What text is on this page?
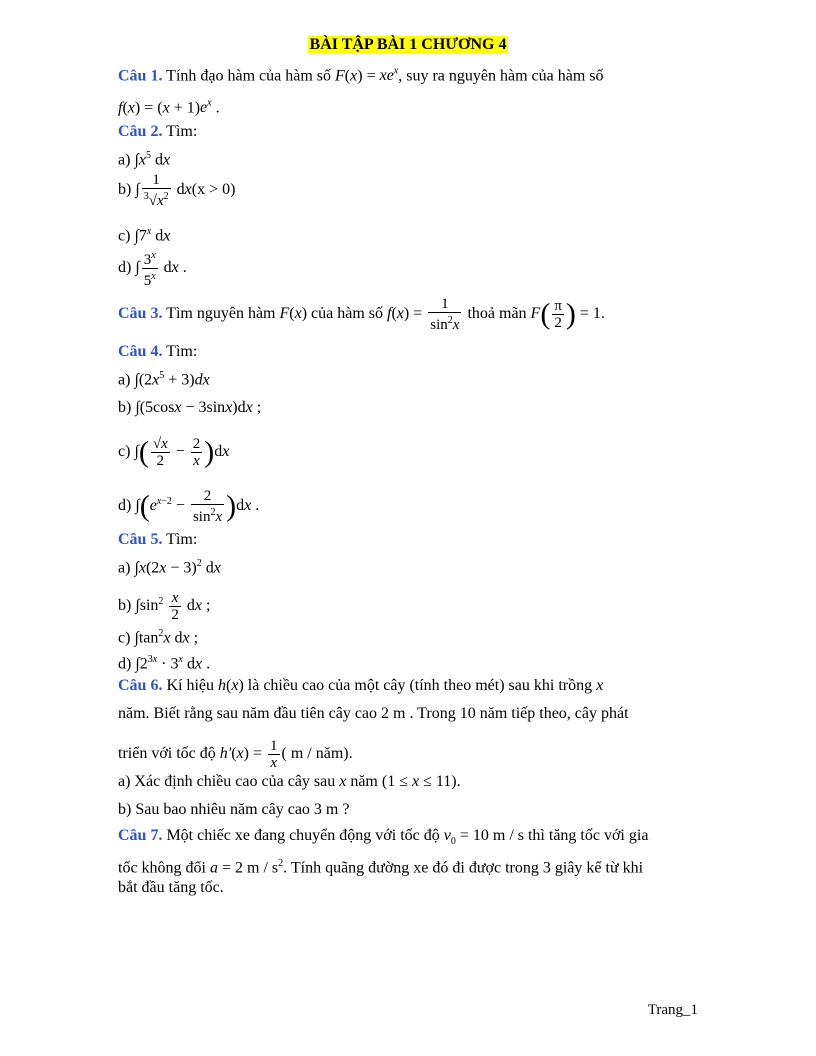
BÀI TẬP BÀI 1 CHƯƠNG 4
Câu 1. Tính đạo hàm của hàm số $F(x) = xe^x$, suy ra nguyên hàm của hàm số
$f(x) = (x + 1)e^x$ .
Câu 2. Tìm:
a) $\int x^5$ dx
b) ∫ $\frac{1}{^3√x^2} dx(x > 0)$
c) ∫7$^x$ dx
d) ∫ $\frac{3^x}{5^x}$ dx .
Câu 3. Tìm nguyên hàm F(x) của hàm số $f(x) = \frac{1}{\sin^2x}$ thoả mãn $F( \frac{\pi}{2}$ ) = 1.
Câu 4. Tìm:
a) $\int(2x^5 + 3)dx$
b) ∫(5cosx − 3sinx)dx ;
c) ∫( $\frac{√x}{2} - \frac{2}{x} )dx$
d) $\int(e^{x-2} - \frac{2}{\sin^2x} )dx$ .
Câu 5. Tìm:
a) $\int x(2x - 3)^2$ dx
b) $\int\sin^2 \frac{x}{2}$ dx ;
c) $\int\tan^2x$ dx ;
d) $\int 2^{3x} \cdot 3^x$ dx .
Câu 6. Kí hiệu h(x) là chiều cao của một cây (tính theo mét) sau khi trồng x
năm. Biết rằng sau năm đầu tiên cây cao 2 m . Trong 10 năm tiếp theo, cây phát
triển với tốc độ $h'(x) = \frac{1}{x}$ ( m / năm).
a) Xác định chiều cao của cây sau x năm (1 ≤ x ≤ 11).
b) Sau bao nhiêu năm cây cao 3 m ?
Câu 7. Một chiếc xe đang chuyển động với tốc độ $v_0 = 10$ m / s thì tăng tốc với gia
tốc không đổi a = 2 m / $s^2$. Tính quãng đường xe đó đi được trong 3 giây kể từ khi
bắt đầu tăng tốc.
Trang_1
